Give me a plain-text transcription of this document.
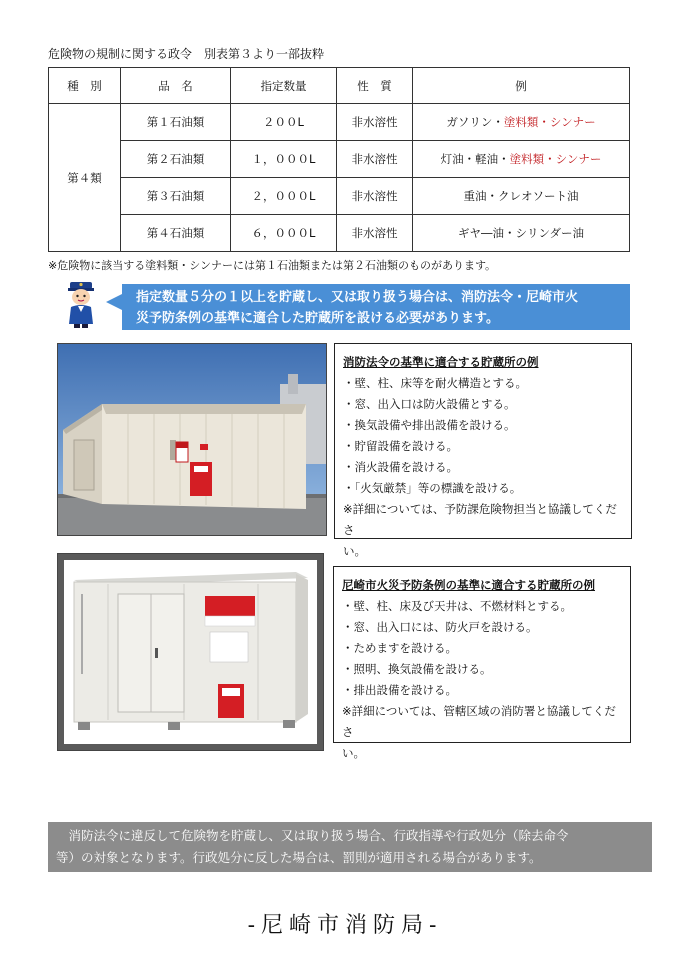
危険物の規制に関する政令　別表第３より一部抜粋
種　別	品　名	指定数量	性　質	例
第４類	第１石油類	２００L	非水溶性	ガソリン・塗料類・シンナー
	第２石油類	１，０００L	非水溶性	灯油・軽油・塗料類・シンナー
	第３石油類	２，０００L	非水溶性	重油・クレオソート油
	第４石油類	６，０００L	非水溶性	ギヤ―油・シリンダー油
※危険物に該当する塗料類・シンナーには第１石油類または第２石油類のものがあります。
指定数量５分の１以上を貯蔵し、又は取り扱う場合は、消防法令・尼崎市火
災予防条例の基準に適合した貯蔵所を設ける必要があります。
消防法令の基準に適合する貯蔵所の例
・壁、柱、床等を耐火構造とする。
・窓、出入口は防火設備とする。
・換気設備や排出設備を設ける。
・貯留設備を設ける。
・消火設備を設ける。
・「火気厳禁」等の標識を設ける。
※詳細については、予防課危険物担当と協議してくださ
い。
尼崎市火災予防条例の基準に適合する貯蔵所の例
・壁、柱、床及び天井は、不燃材料とする。
・窓、出入口には、防火戸を設ける。
・ためますを設ける。
・照明、換気設備を設ける。
・排出設備を設ける。
※詳細については、管轄区域の消防署と協議してくださ
い。
　消防法令に違反して危険物を貯蔵し、又は取り扱う場合、行政指導や行政処分（除去命令
等）の対象となります。行政処分に反した場合は、罰則が適用される場合があります。
-尼崎市消防局-
